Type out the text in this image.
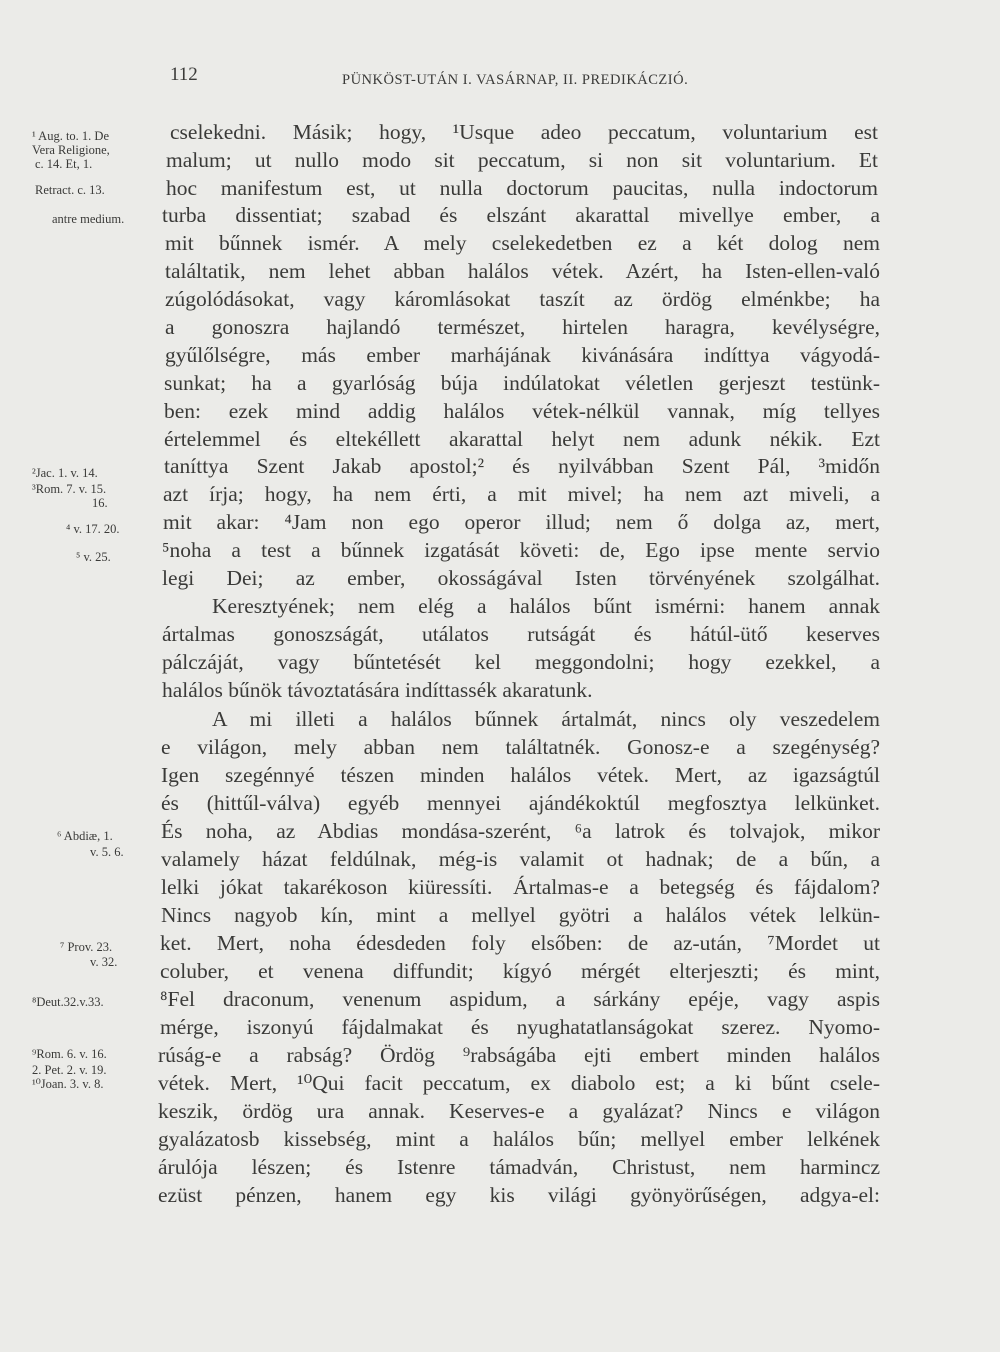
112	PÜNKÖST-UTÁN I. VASÁRNAP, II. PREDIKÁCZIÓ.
¹ Aug. to. 1. De
Vera Religione,
c. 14. Et, 1.
Retract. c. 13.
antre medium.
²Jac. 1. v. 14.
³Rom. 7. v. 15.
16.
⁴ v. 17. 20.
⁵ v. 25.
⁶ Abdiæ, 1.
v. 5. 6.
⁷ Prov. 23.
v. 32.
⁸Deut.32.v.33.
⁹Rom. 6. v. 16.
2. Pet. 2. v. 19.
¹⁰Joan. 3. v. 8.
cselekedni. Másik; hogy, ¹Usque adeo peccatum, voluntarium est
malum; ut nullo modo sit peccatum, si non sit voluntarium. Et
hoc manifestum est, ut nulla doctorum paucitas, nulla indoctorum
turba dissentiat; szabad és elszánt akarattal mivellye ember, a
mit bűnnek ismér. A mely cselekedetben ez a két dolog nem
találtatik, nem lehet abban halálos vétek. Azért, ha Isten-ellen-való
zúgolódásokat, vagy káromlásokat taszít az ördög elménkbe; ha
a gonoszra hajlandó természet, hirtelen haragra, kevélységre,
gyűlőlségre, más ember marhájának kivánására indíttya vágyodá-
sunkat; ha a gyarlóság búja indúlatokat véletlen gerjeszt testünk-
ben: ezek mind addig halálos vétek-nélkül vannak, míg tellyes
értelemmel és eltekéllett akarattal helyt nem adunk nékik. Ezt
taníttya Szent Jakab apostol;² és nyilvábban Szent Pál, ³midőn
azt írja; hogy, ha nem érti, a mit mivel; ha nem azt miveli, a
mit akar: ⁴Jam non ego operor illud; nem ő dolga az, mert,
⁵noha a test a bűnnek izgatását követi: de, Ego ipse mente servio
legi Dei; az ember, okosságával Isten törvényének szolgálhat.
Keresztyének; nem elég a halálos bűnt ismérni: hanem annak
ártalmas gonoszságát, utálatos rutságát és hátúl-ütő keserves
pálczáját, vagy bűntetését kel meggondolni; hogy ezekkel, a
halálos bűnök távoztatására indíttassék akaratunk.
A mi illeti a halálos bűnnek ártalmát, nincs oly veszedelem
e világon, mely abban nem találtatnék. Gonosz-e a szegénység?
Igen szegénnyé tészen minden halálos vétek. Mert, az igazságtúl
és (hittűl-válva) egyéb mennyei ajándékoktúl megfosztya lelkünket.
És noha, az Abdias mondása-szerént, ⁶a latrok és tolvajok, mikor
valamely házat feldúlnak, még-is valamit ot hadnak; de a bűn, a
lelki jókat takarékoson kiüressíti. Ártalmas-e a betegség és fájdalom?
Nincs nagyob kín, mint a mellyel gyötri a halálos vétek lelkün-
ket. Mert, noha édesdeden foly elsőben: de az-után, ⁷Mordet ut
coluber, et venena diffundit; kígyó mérgét elterjeszti; és mint,
⁸Fel draconum, venenum aspidum, a sárkány epéje, vagy aspis
mérge, iszonyú fájdalmakat és nyughatatlanságokat szerez. Nyomo-
rúság-e a rabság? Ördög ⁹rabságába ejti embert minden halálos
vétek. Mert, ¹⁰Qui facit peccatum, ex diabolo est; a ki bűnt csele-
keszik, ördög ura annak. Keserves-e a gyalázat? Nincs e világon
gyalázatosb kissebség, mint a halálos bűn; mellyel ember lelkének
árulója lészen; és Istenre támadván, Christust, nem harmincz
ezüst pénzen, hanem egy kis világi gyönyörűségen, adgya-el:
